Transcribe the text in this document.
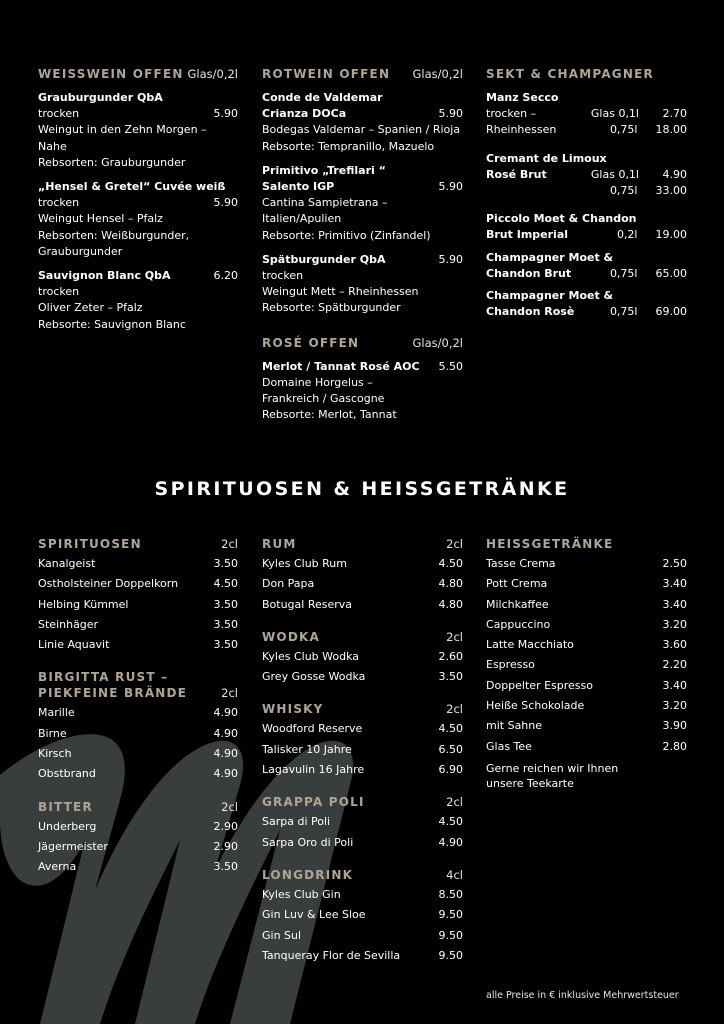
WEISSWEIN OFFEN Glas/0,2l
Grauburgunder QbA
trocken	5.90
Weingut in den Zehn Morgen – Nahe
Rebsorten: Grauburgunder
„Hensel & Gretel“ Cuvée weiß
trocken	5.90
Weingut Hensel – Pfalz
Rebsorten: Weißburgunder,
Grauburgunder
Sauvignon Blanc QbA	6.20
trocken
Oliver Zeter – Pfalz
Rebsorte: Sauvignon Blanc
ROTWEIN OFFEN Glas/0,2l
Conde de Valdemar
Crianza DOCa	5.90
Bodegas Valdemar – Spanien / Rioja
Rebsorte: Tempranillo, Mazuelo
Primitivo „Trefilari “
Salento IGP	5.90
Cantina Sampietrana –
Italien/Apulien
Rebsorte: Primitivo (Zinfandel)
Spätburgunder QbA	5.90
trocken
Weingut Mett – Rheinhessen
Rebsorte: Spätburgunder
ROSÉ OFFEN	Glas/0,2l
Merlot / Tannat Rosé AOC 5.50
Domaine Horgelus –
Frankreich / Gascogne
Rebsorte: Merlot, Tannat
SEKT & CHAMPAGNER
Manz Secco
trocken –	Glas 0,1l	2.70
Rheinhessen	0,75l 18.00
Cremant de Limoux
Rosé Brut	Glas 0,1l	4.90
0,75l 33.00
Piccolo Moet & Chandon
Brut Imperial	0,2l 19.00
Champagner Moet &
Chandon Brut	0,75l 65.00
Champagner Moet &
Chandon Rosè	0,75l 69.00
SPIRITUOSEN & HEISSGETRÄNKE
SPIRITUOSEN	2cl
Kanalgeist	3.50
Ostholsteiner Doppelkorn	4.50
Helbing Kümmel	3.50
Steinhäger	3.50
Linie Aquavit	3.50
BIRGITTA RUST –
PIEKFEINE BRÄNDE	2cl
Marille	4.90
Birne	4.90
Kirsch	4.90
Obstbrand	4.90
BITTER	2cl
Underberg	2.90
Jägermeister	2.90
Averna	3.50
RUM	2cl
Kyles Club Rum	4.50
Don Papa	4.80
Botugal Reserva	4.80
WODKA	2cl
Kyles Club Wodka	2.60
Grey Gosse Wodka	3.50
WHISKY	2cl
Woodford Reserve	4.50
Talisker 10 Jahre	6.50
Lagavulin 16 Jahre	6.90
GRAPPA POLI	2cl
Sarpa di Poli	4.50
Sarpa Oro di Poli	4.90
LONGDRINK	4cl
Kyles Club Gin	8.50
Gin Luv & Lee Sloe	9.50
Gin Sul	9.50
Tanqueray Flor de Sevilla	9.50
HEISSGETRÄNKE
Tasse Crema	2.50
Pott Crema	3.40
Milchkaffee	3.40
Cappuccino	3.20
Latte Macchiato	3.60
Espresso	2.20
Doppelter Espresso	3.40
Heiße Schokolade	3.20
mit Sahne	3.90
Glas Tee	2.80
Gerne reichen wir Ihnen
unsere Teekarte
alle Preise in € inklusive Mehrwertsteuer
